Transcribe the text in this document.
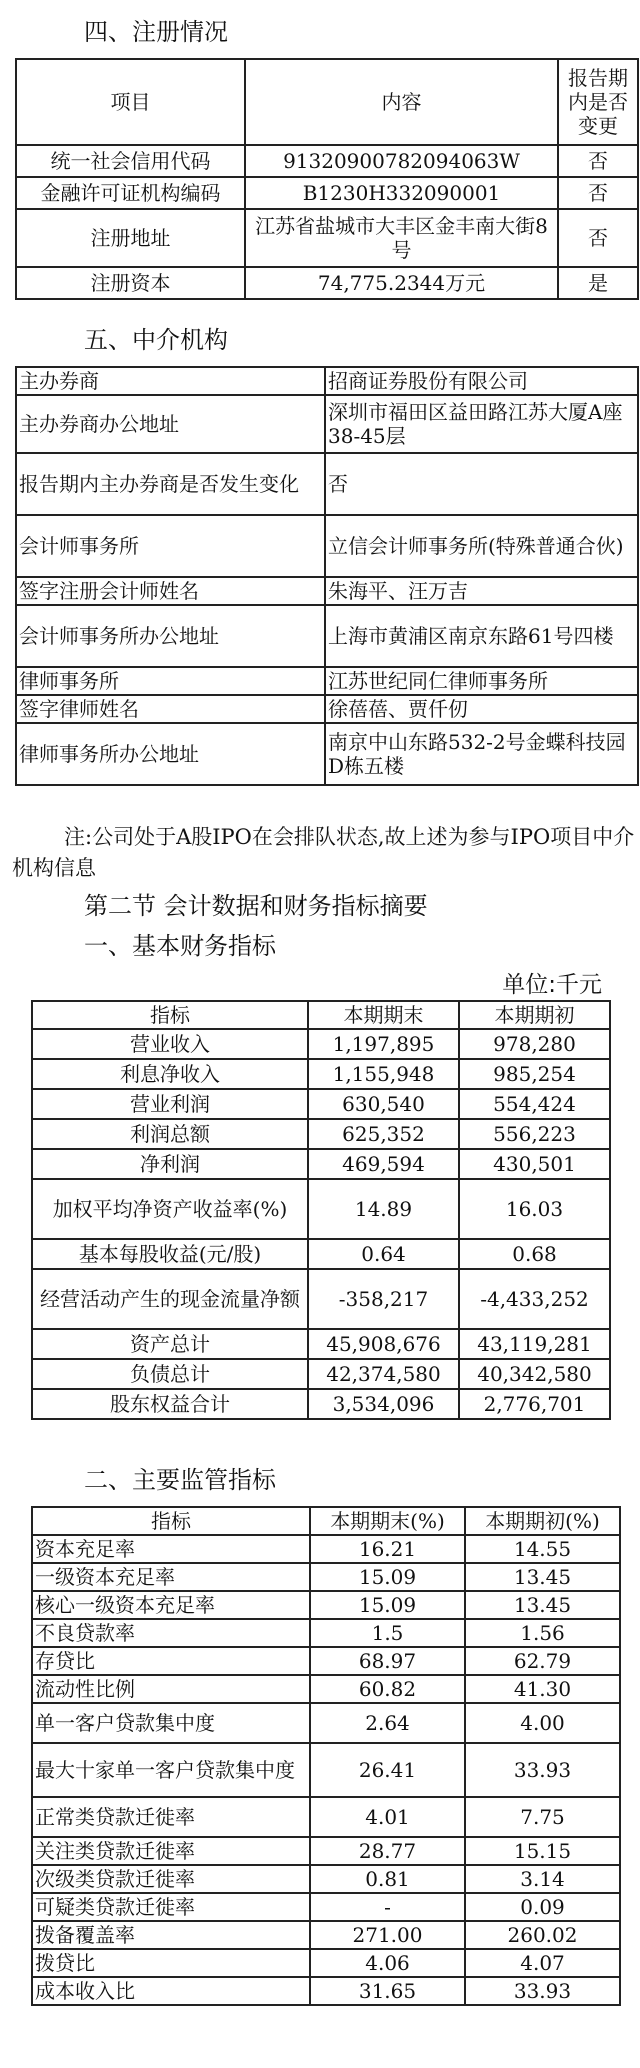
四、注册情况
项目	内容	报告期内是否变更
统一社会信用代码	91320900782094063W	否
金融许可证机构编码	B1230H332090001	否
注册地址	江苏省盐城市大丰区金丰南大街8号	否
注册资本	74,775.2344万元	是
五、中介机构
主办券商	招商证券股份有限公司
主办券商办公地址	深圳市福田区益田路江苏大厦A座38-45层
报告期内主办券商是否发生变化	否
会计师事务所	立信会计师事务所(特殊普通合伙)
签字注册会计师姓名	朱海平、汪万吉
会计师事务所办公地址	上海市黄浦区南京东路61号四楼
律师事务所	江苏世纪同仁律师事务所
签字律师姓名	徐蓓蓓、贾仟仞
律师事务所办公地址	南京中山东路532-2号金蝶科技园D栋五楼
注:公司处于A股IPO在会排队状态,故上述为参与IPO项目中介机构信息
第二节 会计数据和财务指标摘要
一、基本财务指标
单位:千元
指标	本期期末	本期期初
营业收入	1,197,895	978,280
利息净收入	1,155,948	985,254
营业利润	630,540	554,424
利润总额	625,352	556,223
净利润	469,594	430,501
加权平均净资产收益率(%)	14.89	16.03
基本每股收益(元/股)	0.64	0.68
经营活动产生的现金流量净额	-358,217	-4,433,252
资产总计	45,908,676	43,119,281
负债总计	42,374,580	40,342,580
股东权益合计	3,534,096	2,776,701
二、主要监管指标
指标	本期期末(%)	本期期初(%)
资本充足率	16.21	14.55
一级资本充足率	15.09	13.45
核心一级资本充足率	15.09	13.45
不良贷款率	1.5	1.56
存贷比	68.97	62.79
流动性比例	60.82	41.30
单一客户贷款集中度	2.64	4.00
最大十家单一客户贷款集中度	26.41	33.93
正常类贷款迁徙率	4.01	7.75
关注类贷款迁徙率	28.77	15.15
次级类贷款迁徙率	0.81	3.14
可疑类贷款迁徙率	-	0.09
拨备覆盖率	271.00	260.02
拨贷比	4.06	4.07
成本收入比	31.65	33.93
